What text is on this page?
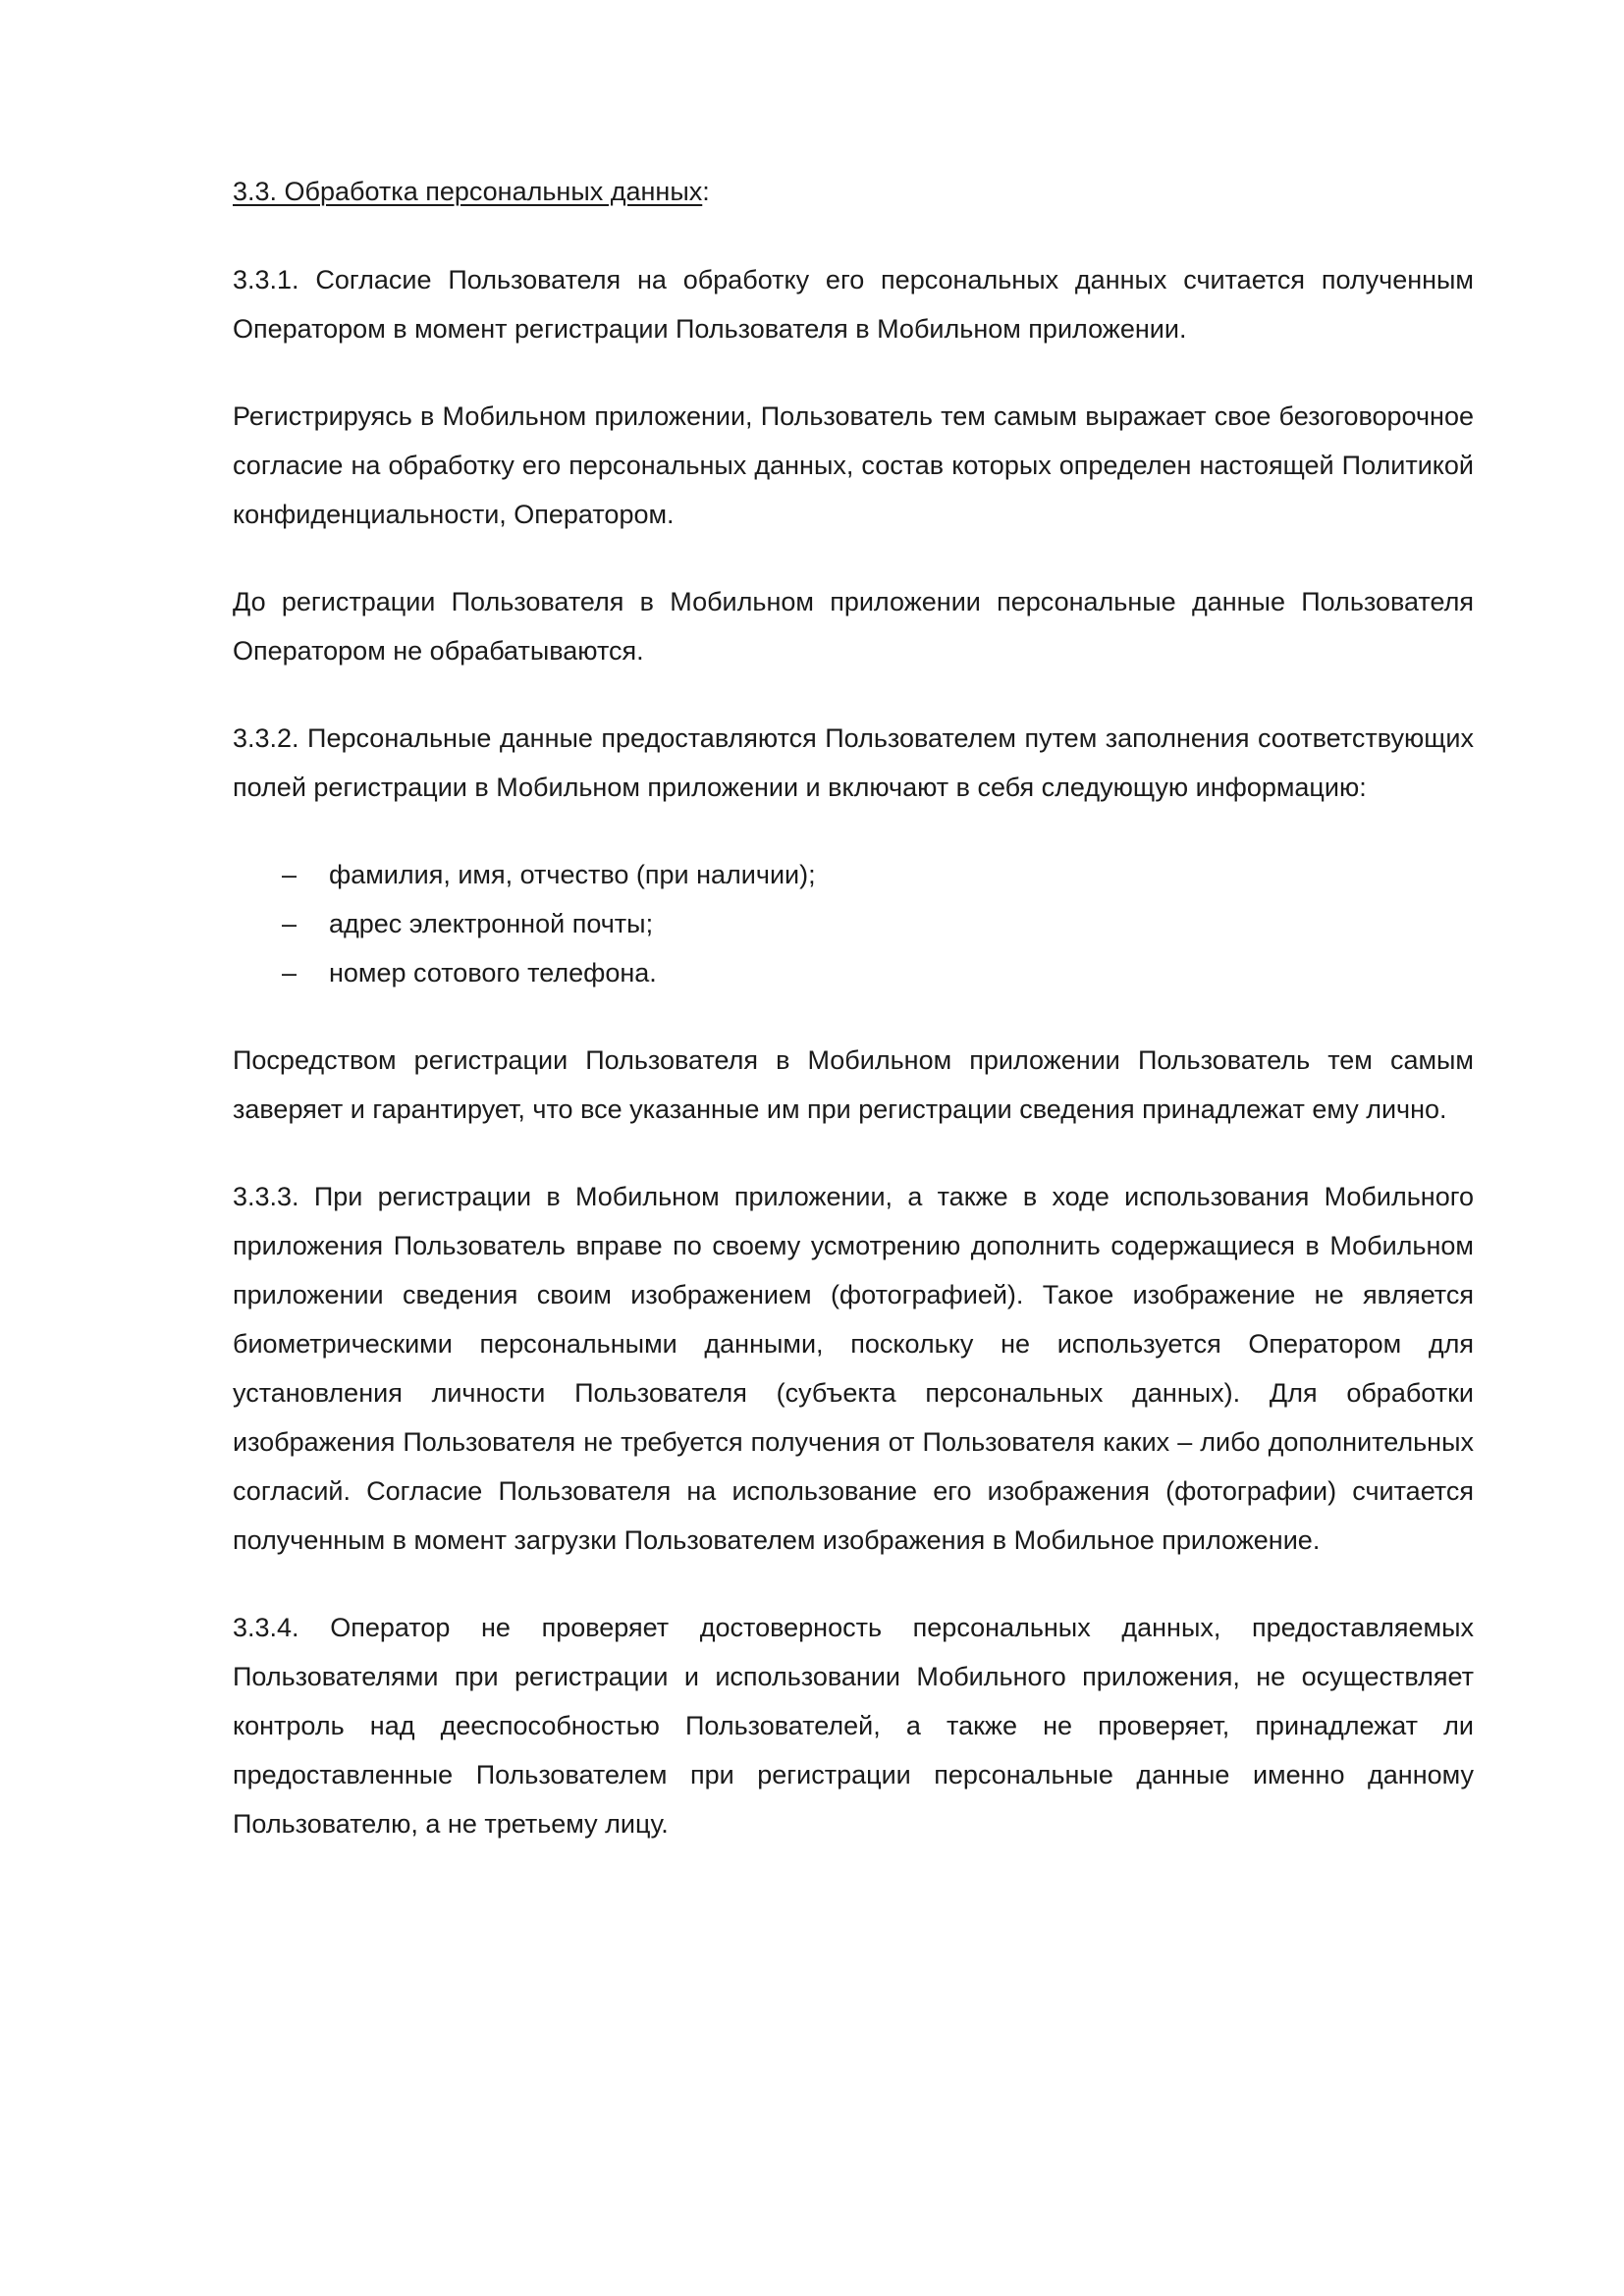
3.3. Обработка персональных данных:

3.3.1. Согласие Пользователя на обработку его персональных данных считается полученным Оператором в момент регистрации Пользователя в Мобильном приложении.

Регистрируясь в Мобильном приложении, Пользователь тем самым выражает свое безоговорочное согласие на обработку его персональных данных, состав которых определен настоящей Политикой конфиденциальности, Оператором.

До регистрации Пользователя в Мобильном приложении персональные данные Пользователя Оператором не обрабатываются.

3.3.2. Персональные данные предоставляются Пользователем путем заполнения соответствующих полей регистрации в Мобильном приложении и включают в себя следующую информацию:

– фамилия, имя, отчество (при наличии);
– адрес электронной почты;
– номер сотового телефона.

Посредством регистрации Пользователя в Мобильном приложении Пользователь тем самым заверяет и гарантирует, что все указанные им при регистрации сведения принадлежат ему лично.

3.3.3. При регистрации в Мобильном приложении, а также в ходе использования Мобильного приложения Пользователь вправе по своему усмотрению дополнить содержащиеся в Мобильном приложении сведения своим изображением (фотографией). Такое изображение не является биометрическими персональными данными, поскольку не используется Оператором для установления личности Пользователя (субъекта персональных данных). Для обработки изображения Пользователя не требуется получения от Пользователя каких – либо дополнительных согласий. Согласие Пользователя на использование его изображения (фотографии) считается полученным в момент загрузки Пользователем изображения в Мобильное приложение.

3.3.4. Оператор не проверяет достоверность персональных данных, предоставляемых Пользователями при регистрации и использовании Мобильного приложения, не осуществляет контроль над дееспособностью Пользователей, а также не проверяет, принадлежат ли предоставленные Пользователем при регистрации персональные данные именно данному Пользователю, а не третьему лицу.
